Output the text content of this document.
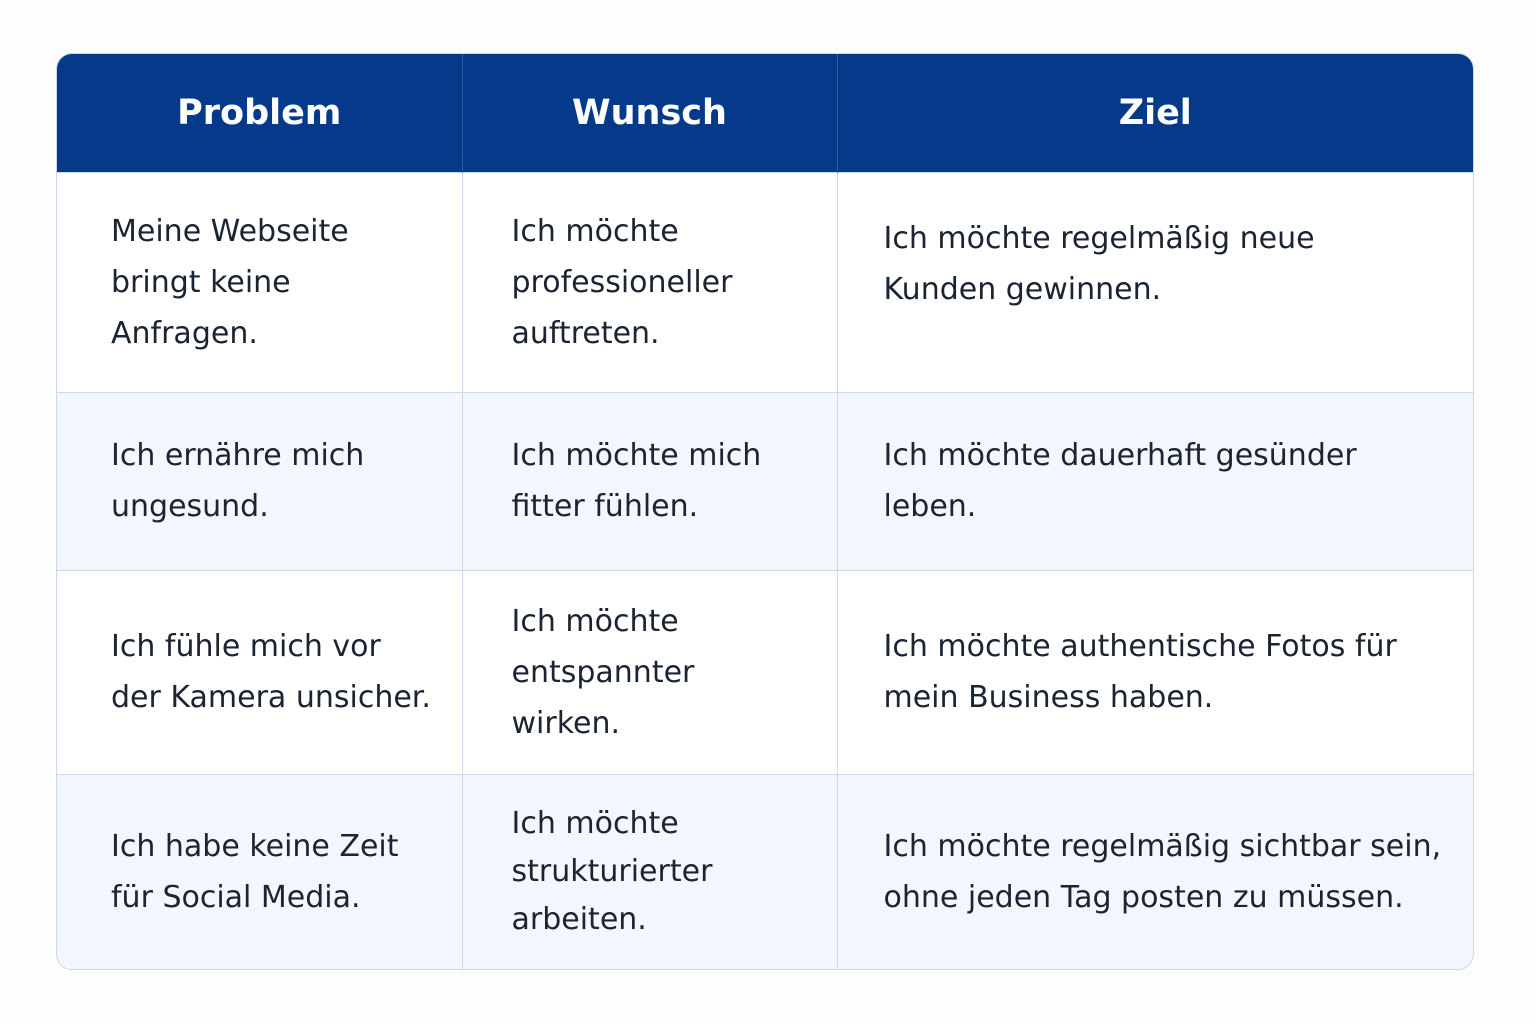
Problem	Wunsch	Ziel

Meine Webseite bringt keine Anfragen.	Ich möchte professioneller auftreten.	Ich möchte regelmäßig neue Kunden gewinnen.

Ich ernähre mich ungesund.	Ich möchte mich fitter fühlen.	Ich möchte dauerhaft gesünder leben.

Ich fühle mich vor der Kamera unsicher.	Ich möchte entspannter wirken.	Ich möchte authentische Fotos für mein Business haben.

Ich habe keine Zeit für Social Media.	Ich möchte strukturierter arbeiten.	Ich möchte regelmäßig sichtbar sein, ohne jeden Tag posten zu müssen.
